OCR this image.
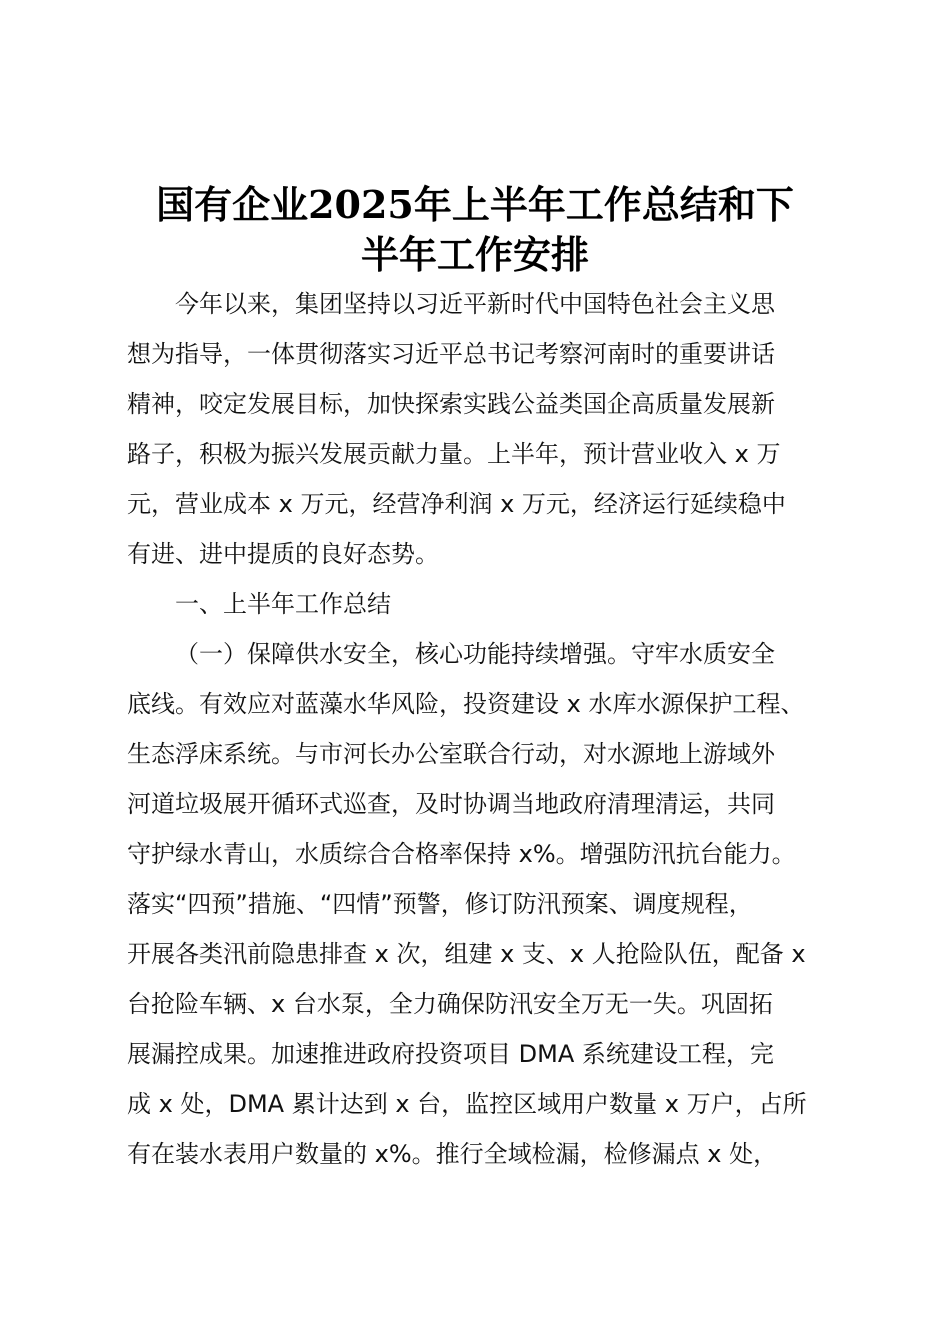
国有企业2025年上半年工作总结和下
半年工作安排
今年以来，集团坚持以习近平新时代中国特色社会主义思
想为指导，一体贯彻落实习近平总书记考察河南时的重要讲话
精神，咬定发展目标，加快探索实践公益类国企高质量发展新
路子，积极为振兴发展贡献力量。上半年，预计营业收入 x 万
元，营业成本 x 万元，经营净利润 x 万元，经济运行延续稳中
有进、进中提质的良好态势。
一、上半年工作总结
（一）保障供水安全，核心功能持续增强。守牢水质安全
底线。有效应对蓝藻水华风险，投资建设 x 水库水源保护工程、
生态浮床系统。与市河长办公室联合行动，对水源地上游域外
河道垃圾展开循环式巡查，及时协调当地政府清理清运，共同
守护绿水青山，水质综合合格率保持 x%。增强防汛抗台能力。
落实“四预”措施、“四情”预警，修订防汛预案、调度规程，
开展各类汛前隐患排查 x 次，组建 x 支、x 人抢险队伍，配备 x
台抢险车辆、x 台水泵，全力确保防汛安全万无一失。巩固拓
展漏控成果。加速推进政府投资项目 DMA 系统建设工程，完
成 x 处，DMA 累计达到 x 台，监控区域用户数量 x 万户，占所
有在装水表用户数量的 x%。推行全域检漏，检修漏点 x 处，
